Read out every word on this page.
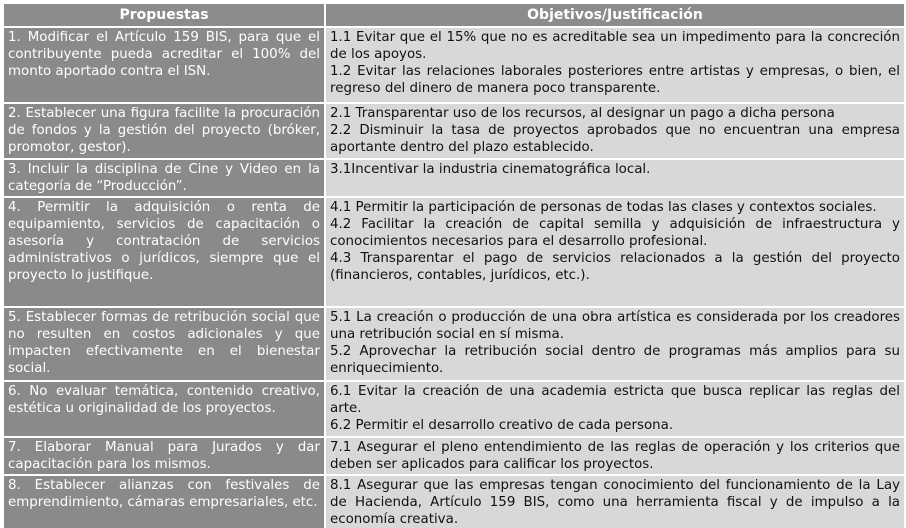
Propuestas	Objetivos/Justificación
1. Modificar el Artículo 159 BIS, para que el contribuyente pueda acreditar el 100% del monto aportado contra el ISN.

1.1 Evitar que el 15% que no es acreditable sea un impedimento para la concreción de los apoyos.

1.2 Evitar las relaciones laborales posteriores entre artistas y empresas, o bien, el regreso del dinero de manera poco transparente.

2. Establecer una figura facilite la procuración de fondos y la gestión del proyecto (bróker, promotor, gestor).

2.1 Transparentar uso de los recursos, al designar un pago a dicha persona

2.2 Disminuir la tasa de proyectos aprobados que no encuentran una empresa aportante dentro del plazo establecido.

3. Incluir la disciplina de Cine y Video en la categoría de “Producción”.

3.1Incentivar la industria cinematográfica local.

4. Permitir la adquisición o renta de equipamiento, servicios de capacitación o asesoría y contratación de servicios administrativos o jurídicos, siempre que el proyecto lo justifique.

4.1 Permitir la participación de personas de todas las clases y contextos sociales.

4.2 Facilitar la creación de capital semilla y adquisición de infraestructura y conocimientos necesarios para el desarrollo profesional.

4.3 Transparentar el pago de servicios relacionados a la gestión del proyecto (financieros, contables, jurídicos, etc.).

5. Establecer formas de retribución social que no resulten en costos adicionales y que impacten efectivamente en el bienestar social.

5.1 La creación o producción de una obra artística es considerada por los creadores una retribución social en sí misma.

5.2 Aprovechar la retribución social dentro de programas más amplios para su enriquecimiento.

6. No evaluar temática, contenido creativo, estética u originalidad de los proyectos.

6.1 Evitar la creación de una academia estricta que busca replicar las reglas del arte.

6.2 Permitir el desarrollo creativo de cada persona.

7. Elaborar Manual para Jurados y dar capacitación para los mismos.

7.1 Asegurar el pleno entendimiento de las reglas de operación y los criterios que deben ser aplicados para calificar los proyectos.

8. Establecer alianzas con festivales de emprendimiento, cámaras empresariales, etc.

8.1 Asegurar que las empresas tengan conocimiento del funcionamiento de la Lay de Hacienda, Artículo 159 BIS, como una herramienta fiscal y de impulso a la economía creativa.
